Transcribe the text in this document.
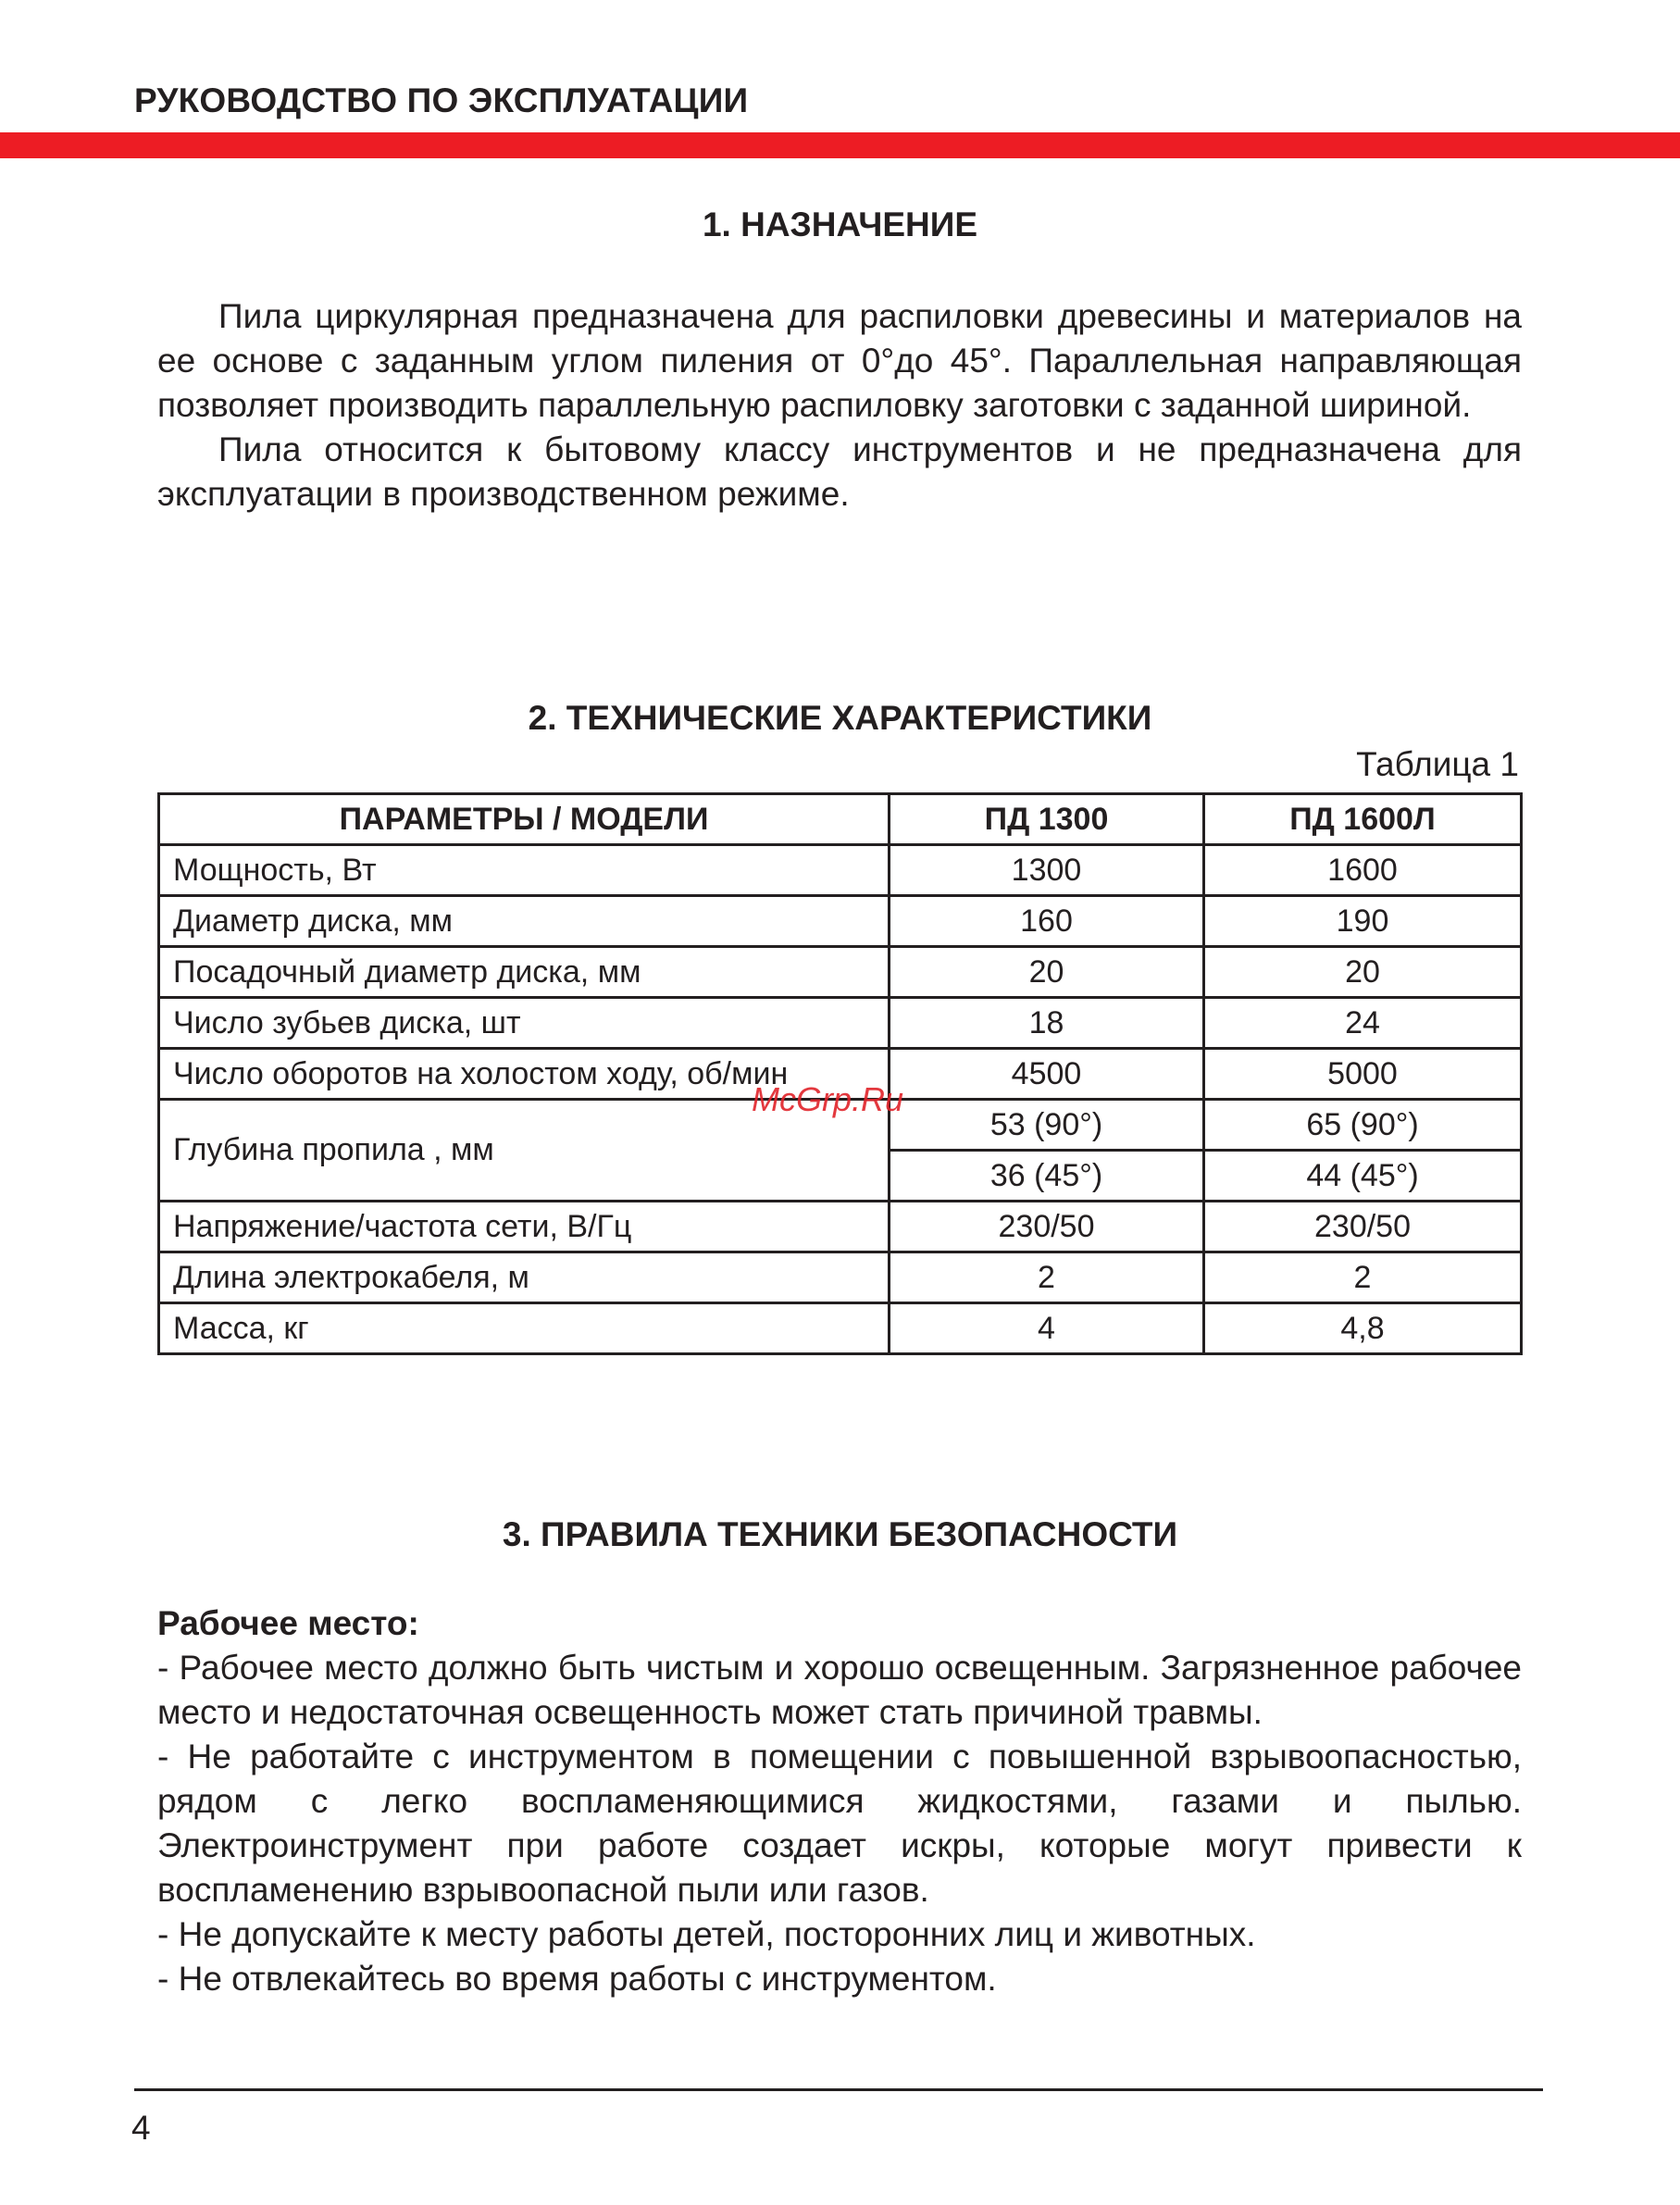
РУКОВОДСТВО ПО ЭКСПЛУАТАЦИИ
1. НАЗНАЧЕНИЕ

Пила циркулярная предназначена для распиловки древесины и материалов на ее основе с заданным углом пиления от 0°до 45°. Параллельная направляющая позволяет производить параллельную распиловку заготовки с заданной шириной.

Пила относится к бытовому классу инструментов и не предназначена для эксплуатации в производственном режиме.

2. ТЕХНИЧЕСКИЕ ХАРАКТЕРИСТИКИ
Таблица 1
ПАРАМЕТРЫ / МОДЕЛИ	ПД 1300	ПД 1600Л
Мощность, Вт	1300	1600
Диаметр диска, мм	160	190
Посадочный диаметр диска, мм	20	20
Число зубьев диска, шт	18	24
Число оборотов на холостом ходу, об/мин	4500	5000
Глубина пропила , мм	53 (90°)	65 (90°)
	36 (45°)	44 (45°)
Напряжение/частота сети, В/Гц	230/50	230/50
Длина электрокабеля, м	2	2
Масса, кг	4	4,8
McGrp.Ru
3. ПРАВИЛА ТЕХНИКИ БЕЗОПАСНОСТИ
Рабочее место:

- Рабочее место должно быть чистым и хорошо освещенным. Загрязненное рабочее место и недостаточная освещенность может стать причиной травмы.

- Не работайте с инструментом в помещении с повышенной взрывоопасностью, рядом с легко воспламеняющимися жидкостями, газами и пылью. Электроинструмент при работе создает искры, которые могут привести к воспламенению взрывоопасной пыли или газов.

- Не допускайте к месту работы детей, посторонних лиц и животных.

- Не отвлекайтесь во время работы с инструментом.

4
